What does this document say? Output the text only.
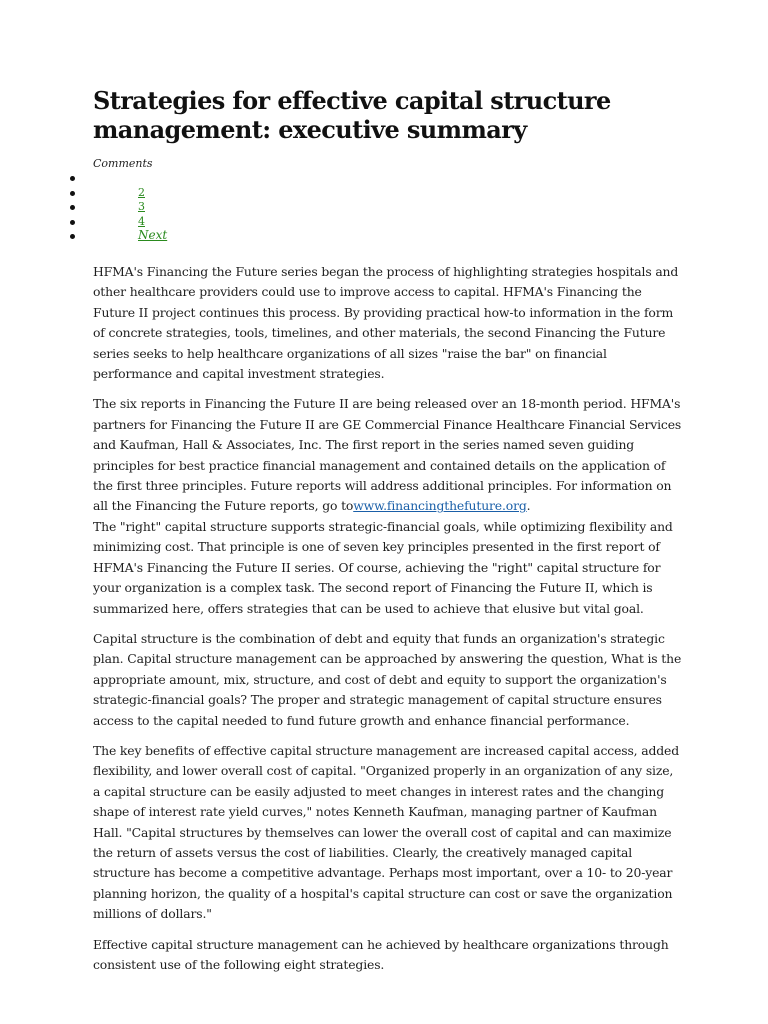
Strategies for effective capital structure management: executive summary
Comments
2
3
4
Next

HFMA's Financing the Future series began the process of highlighting strategies hospitals and other healthcare providers could use to improve access to capital. HFMA's Financing the Future II project continues this process. By providing practical how-to information in the form of concrete strategies, tools, timelines, and other materials, the second Financing the Future series seeks to help healthcare organizations of all sizes "raise the bar" on financial performance and capital investment strategies.

The six reports in Financing the Future II are being released over an 18-month period. HFMA's partners for Financing the Future II are GE Commercial Finance Healthcare Financial Services and Kaufman, Hall & Associates, Inc. The first report in the series named seven guiding principles for best practice financial management and contained details on the application of the first three principles. Future reports will address additional principles. For information on all the Financing the Future reports, go towww.financingthefuture.org.

The "right" capital structure supports strategic-financial goals, while optimizing flexibility and minimizing cost. That principle is one of seven key principles presented in the first report of HFMA's Financing the Future II series. Of course, achieving the "right" capital structure for your organization is a complex task. The second report of Financing the Future II, which is summarized here, offers strategies that can be used to achieve that elusive but vital goal.

Capital structure is the combination of debt and equity that funds an organization's strategic plan. Capital structure management can be approached by answering the question, What is the appropriate amount, mix, structure, and cost of debt and equity to support the organization's strategic-financial goals? The proper and strategic management of capital structure ensures access to the capital needed to fund future growth and enhance financial performance.

The key benefits of effective capital structure management are increased capital access, added flexibility, and lower overall cost of capital. "Organized properly in an organization of any size, a capital structure can be easily adjusted to meet changes in interest rates and the changing shape of interest rate yield curves," notes Kenneth Kaufman, managing partner of Kaufman Hall. "Capital structures by themselves can lower the overall cost of capital and can maximize the return of assets versus the cost of liabilities. Clearly, the creatively managed capital structure has become a competitive advantage. Perhaps most important, over a 10- to 20-year planning horizon, the quality of a hospital's capital structure can cost or save the organization millions of dollars."

Effective capital structure management can he achieved by healthcare organizations through consistent use of the following eight strategies.
